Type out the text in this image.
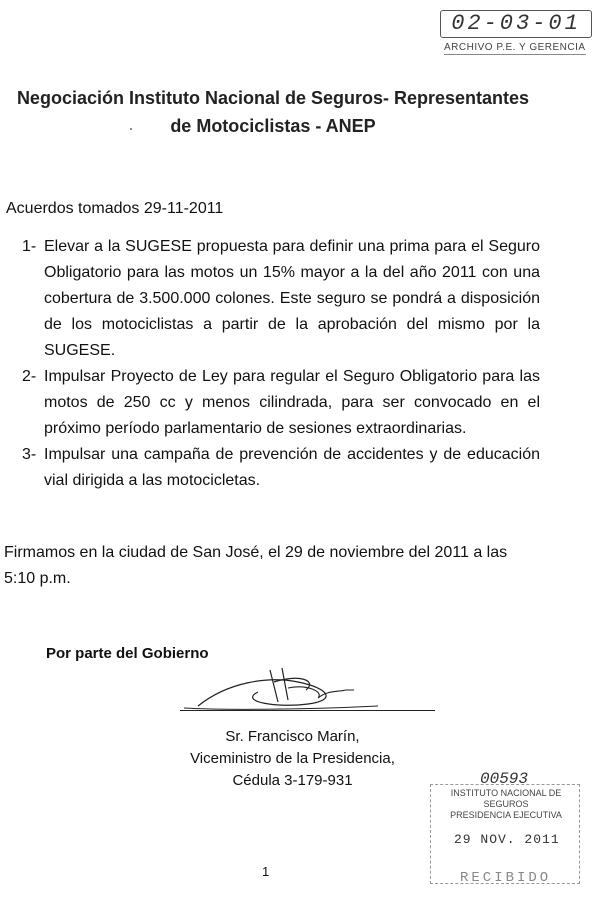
02-03-01
ARCHIVO P.E. Y GERENCIA
Negociación Instituto Nacional de Seguros- Representantes
de Motociclistas - ANEP
Acuerdos tomados 29-11-2011
1- Elevar a la SUGESE propuesta para definir una prima para el Seguro Obligatorio para las motos un 15% mayor a la del año 2011 con una cobertura de 3.500.000 colones. Este seguro se pondrá a disposición de los motociclistas a partir de la aprobación del mismo por la SUGESE.
2- Impulsar Proyecto de Ley para regular el Seguro Obligatorio para las motos de 250 cc y menos cilindrada, para ser convocado en el próximo período parlamentario de sesiones extraordinarias.
3- Impulsar una campaña de prevención de accidentes y de educación vial dirigida a las motocicletas.
Firmamos en la ciudad de San José, el 29 de noviembre del 2011 a las 5:10 p.m.
Por parte del Gobierno
Sr. Francisco Marín,
Viceministro de la Presidencia,
Cédula 3-179-931	00593
INSTITUTO NACIONAL DE SEGUROS
PRESIDENCIA EJECUTIVA
29 NOV. 2011
RECIBIDO
1
